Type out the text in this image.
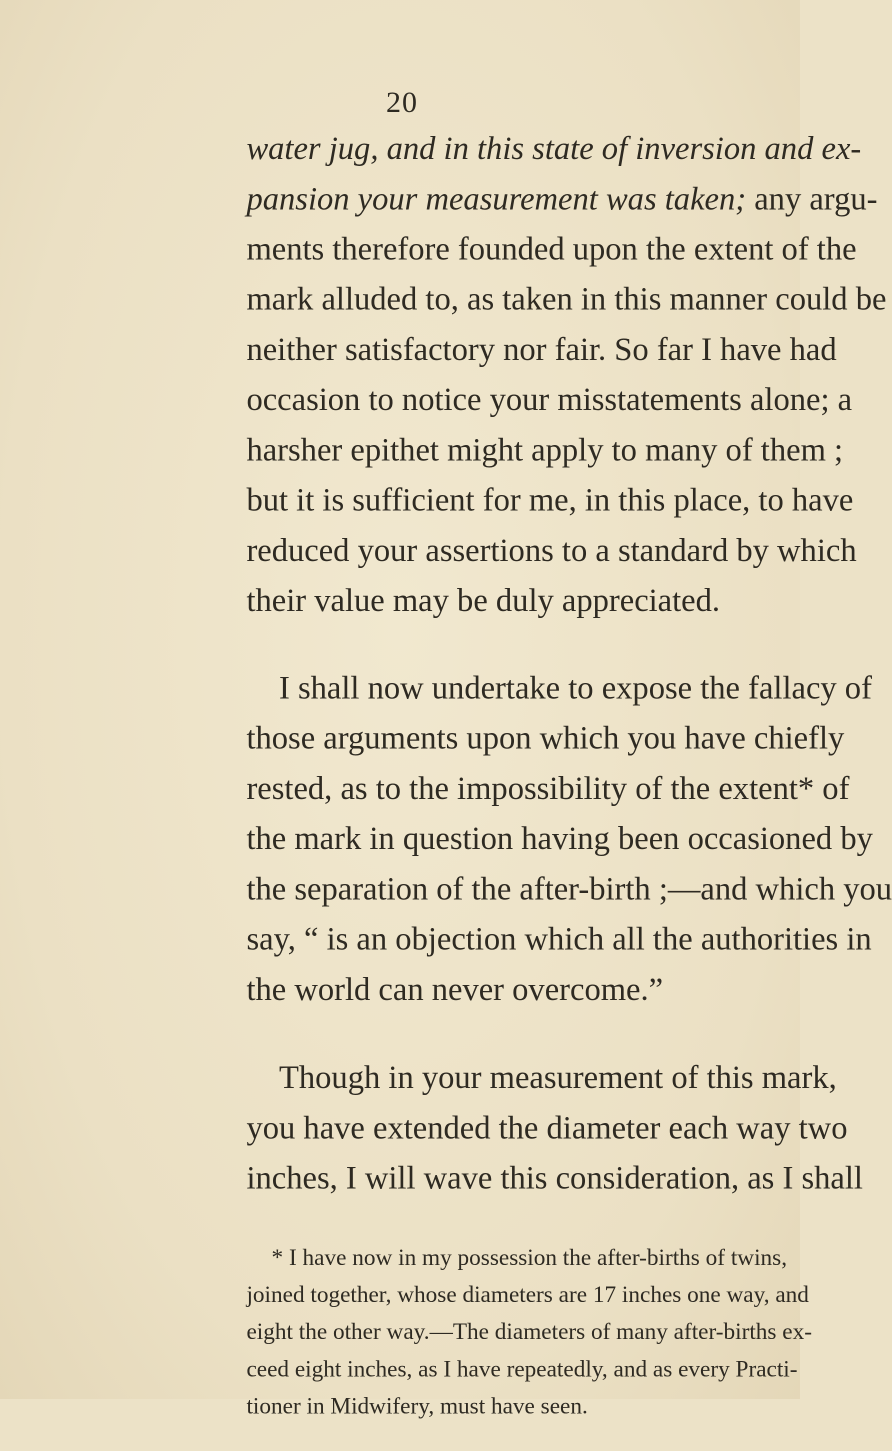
20
water jug, and in this state of inversion and ex-
pansion your measurement was taken; any argu-
ments therefore founded upon the extent of the
mark alluded to, as taken in this manner could be
neither satisfactory nor fair. So far I have had
occasion to notice your misstatements alone; a
harsher epithet might apply to many of them ;
but it is sufficient for me, in this place, to have
reduced your assertions to a standard by which
their value may be duly appreciated.
I shall now undertake to expose the fallacy of
those arguments upon which you have chiefly
rested, as to the impossibility of the extent* of
the mark in question having been occasioned by
the separation of the after-birth ;—and which you
say, “ is an objection which all the authorities in
the world can never overcome.”
Though in your measurement of this mark,
you have extended the diameter each way two
inches, I will wave this consideration, as I shall
* I have now in my possession the after-births of twins,
joined together, whose diameters are 17 inches one way, and
eight the other way.—The diameters of many after-births ex-
ceed eight inches, as I have repeatedly, and as every Practi-
tioner in Midwifery, must have seen.
